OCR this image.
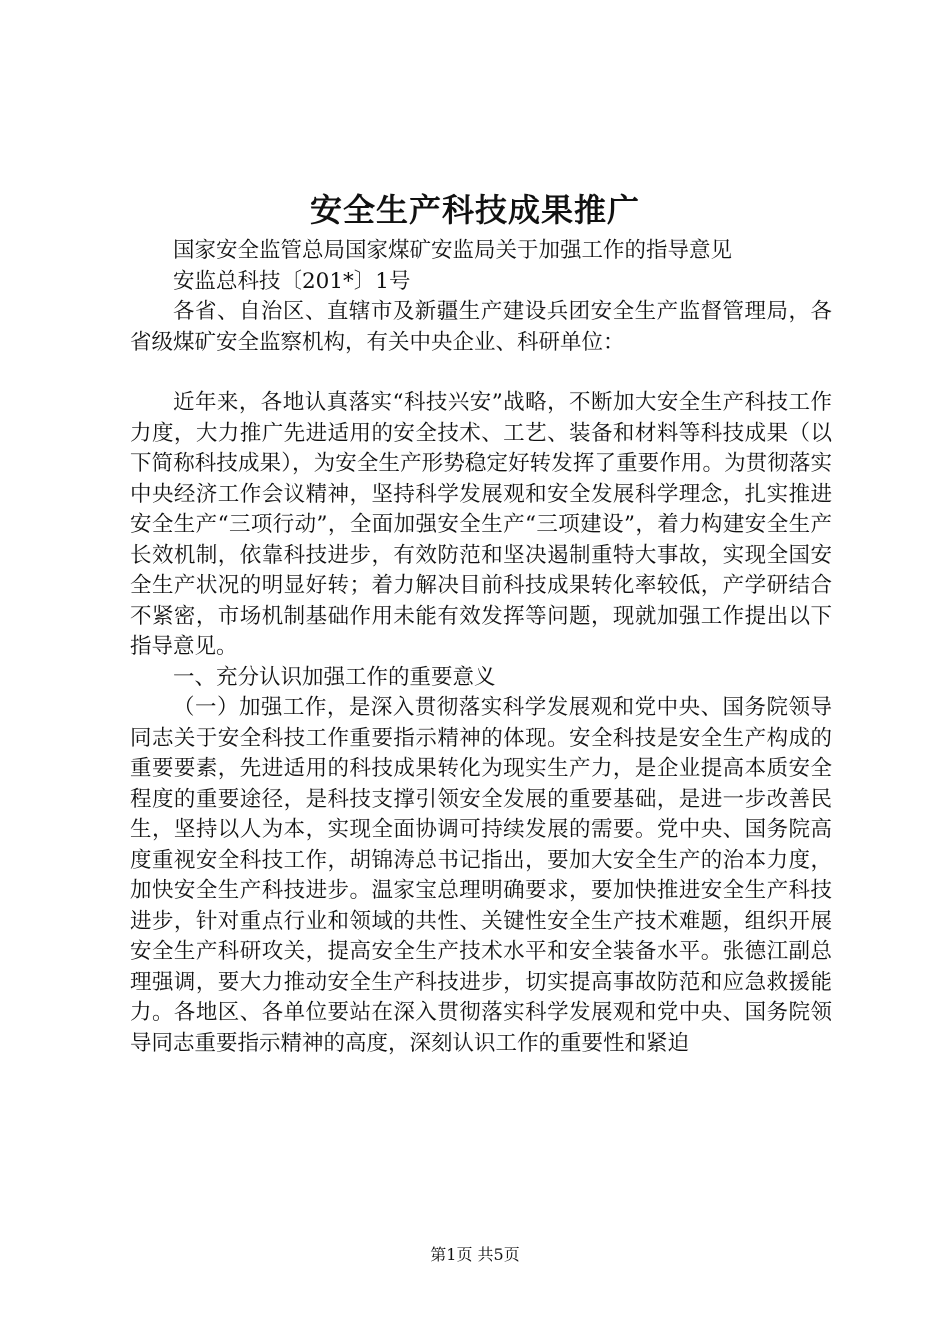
安全生产科技成果推广

国家安全监管总局国家煤矿安监局关于加强工作的指导意见

安监总科技〔201*〕1号

各省、自治区、直辖市及新疆生产建设兵团安全生产监督管理局，各省级煤矿安全监察机构，有关中央企业、科研单位：

近年来，各地认真落实“科技兴安”战略，不断加大安全生产科技工作力度，大力推广先进适用的安全技术、工艺、装备和材料等科技成果（以下简称科技成果），为安全生产形势稳定好转发挥了重要作用。为贯彻落实中央经济工作会议精神，坚持科学发展观和安全发展科学理念，扎实推进安全生产“三项行动”，全面加强安全生产“三项建设”，着力构建安全生产长效机制，依靠科技进步，有效防范和坚决遏制重特大事故，实现全国安全生产状况的明显好转；着力解决目前科技成果转化率较低，产学研结合不紧密，市场机制基础作用未能有效发挥等问题，现就加强工作提出以下指导意见。

一、充分认识加强工作的重要意义

（一）加强工作，是深入贯彻落实科学发展观和党中央、国务院领导同志关于安全科技工作重要指示精神的体现。安全科技是安全生产构成的重要要素，先进适用的科技成果转化为现实生产力，是企业提高本质安全程度的重要途径，是科技支撑引领安全发展的重要基础，是进一步改善民生，坚持以人为本，实现全面协调可持续发展的需要。党中央、国务院高度重视安全科技工作，胡锦涛总书记指出，要加大安全生产的治本力度，加快安全生产科技进步。温家宝总理明确要求，要加快推进安全生产科技进步，针对重点行业和领域的共性、关键性安全生产技术难题，组织开展安全生产科研攻关，提高安全生产技术水平和安全装备水平。张德江副总理强调，要大力推动安全生产科技进步，切实提高事故防范和应急救援能力。各地区、各单位要站在深入贯彻落实科学发展观和党中央、国务院领导同志重要指示精神的高度，深刻认识工作的重要性和紧迫

第1页 共5页
